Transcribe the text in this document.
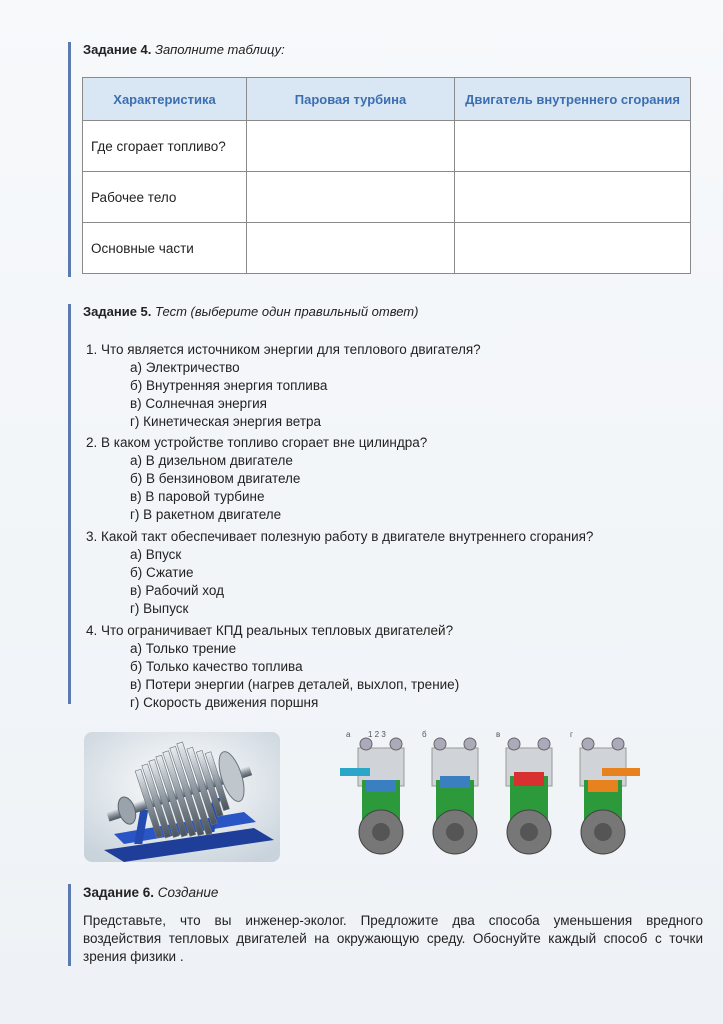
Задание 4. Заполните таблицу:

Характеристика	Паровая турбина	Двигатель внутреннего сгорания
Где сгорает топливо?		
Рабочее тело		
Основные части		

Задание 5. Тест (выберите один правильный ответ)

1. Что является источником энергии для теплового двигателя?
а) Электричество
б) Внутренняя энергия топлива
в) Солнечная энергия
г) Кинетическая энергия ветра
2. В каком устройстве топливо сгорает вне цилиндра?
а) В дизельном двигателе
б) В бензиновом двигателе
в) В паровой турбине
г) В ракетном двигателе
3. Какой такт обеспечивает полезную работу в двигателе внутреннего сгорания?
а) Впуск
б) Сжатие
в) Рабочий ход
г) Выпуск
4. Что ограничивает КПД реальных тепловых двигателей?
а) Только трение
б) Только качество топлива
в) Потери энергии (нагрев деталей, выхлоп, трение)
г) Скорость движения поршня
а 1 2 3	б	в	г

Задание 6. Создание

Представьте, что вы инженер-эколог. Предложите два способа уменьшения вредного воздействия тепловых двигателей на окружающую среду. Обоснуйте каждый способ с точки зрения физики .
